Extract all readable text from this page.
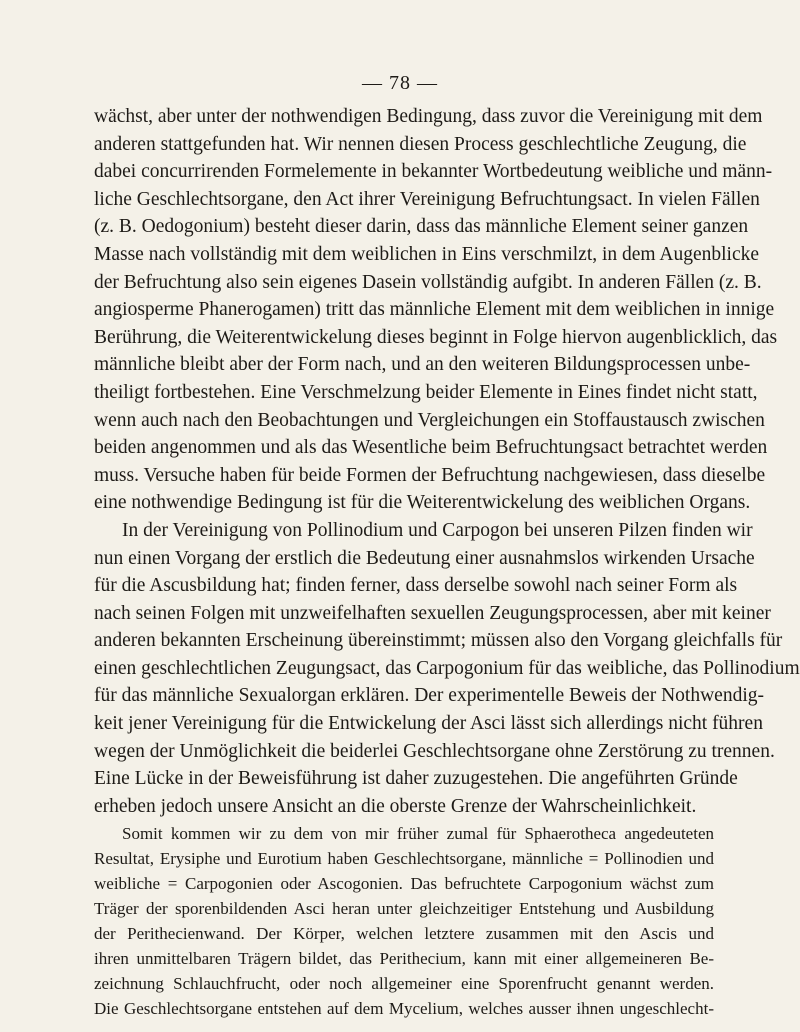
— 78 —
wächst, aber unter der nothwendigen Bedingung, dass zuvor die Vereinigung mit dem
anderen stattgefunden hat. Wir nennen diesen Process geschlechtliche Zeugung, die
dabei concurrirenden Formelemente in bekannter Wortbedeutung weibliche und männ-
liche Geschlechtsorgane, den Act ihrer Vereinigung Befruchtungsact. In vielen Fällen
(z. B. Oedogonium) besteht dieser darin, dass das männliche Element seiner ganzen
Masse nach vollständig mit dem weiblichen in Eins verschmilzt, in dem Augenblicke
der Befruchtung also sein eigenes Dasein vollständig aufgibt. In anderen Fällen (z. B.
angiosperme Phanerogamen) tritt das männliche Element mit dem weiblichen in innige
Berührung, die Weiterentwickelung dieses beginnt in Folge hiervon augenblicklich, das
männliche bleibt aber der Form nach, und an den weiteren Bildungsprocessen unbe-
theiligt fortbestehen. Eine Verschmelzung beider Elemente in Eines findet nicht statt,
wenn auch nach den Beobachtungen und Vergleichungen ein Stoffaustausch zwischen
beiden angenommen und als das Wesentliche beim Befruchtungsact betrachtet werden
muss. Versuche haben für beide Formen der Befruchtung nachgewiesen, dass dieselbe
eine nothwendige Bedingung ist für die Weiterentwickelung des weiblichen Organs.
In der Vereinigung von Pollinodium und Carpogon bei unseren Pilzen finden wir
nun einen Vorgang der erstlich die Bedeutung einer ausnahmslos wirkenden Ursache
für die Ascusbildung hat; finden ferner, dass derselbe sowohl nach seiner Form als
nach seinen Folgen mit unzweifelhaften sexuellen Zeugungsprocessen, aber mit keiner
anderen bekannten Erscheinung übereinstimmt; müssen also den Vorgang gleichfalls für
einen geschlechtlichen Zeugungsact, das Carpogonium für das weibliche, das Pollinodium
für das männliche Sexualorgan erklären. Der experimentelle Beweis der Nothwendig-
keit jener Vereinigung für die Entwickelung der Asci lässt sich allerdings nicht führen
wegen der Unmöglichkeit die beiderlei Geschlechtsorgane ohne Zerstörung zu trennen.
Eine Lücke in der Beweisführung ist daher zuzugestehen. Die angeführten Gründe
erheben jedoch unsere Ansicht an die oberste Grenze der Wahrscheinlichkeit.
Somit kommen wir zu dem von mir früher zumal für Sphaerotheca angedeuteten
Resultat, Erysiphe und Eurotium haben Geschlechtsorgane, männliche = Pollinodien und
weibliche = Carpogonien oder Ascogonien. Das befruchtete Carpogonium wächst zum
Träger der sporenbildenden Asci heran unter gleichzeitiger Entstehung und Ausbildung
der Perithecienwand. Der Körper, welchen letztere zusammen mit den Ascis und
ihren unmittelbaren Trägern bildet, das Perithecium, kann mit einer allgemeineren Be-
zeichnung Schlauchfrucht, oder noch allgemeiner eine Sporenfrucht genannt werden.
Die Geschlechtsorgane entstehen auf dem Mycelium, welches ausser ihnen ungeschlecht-
